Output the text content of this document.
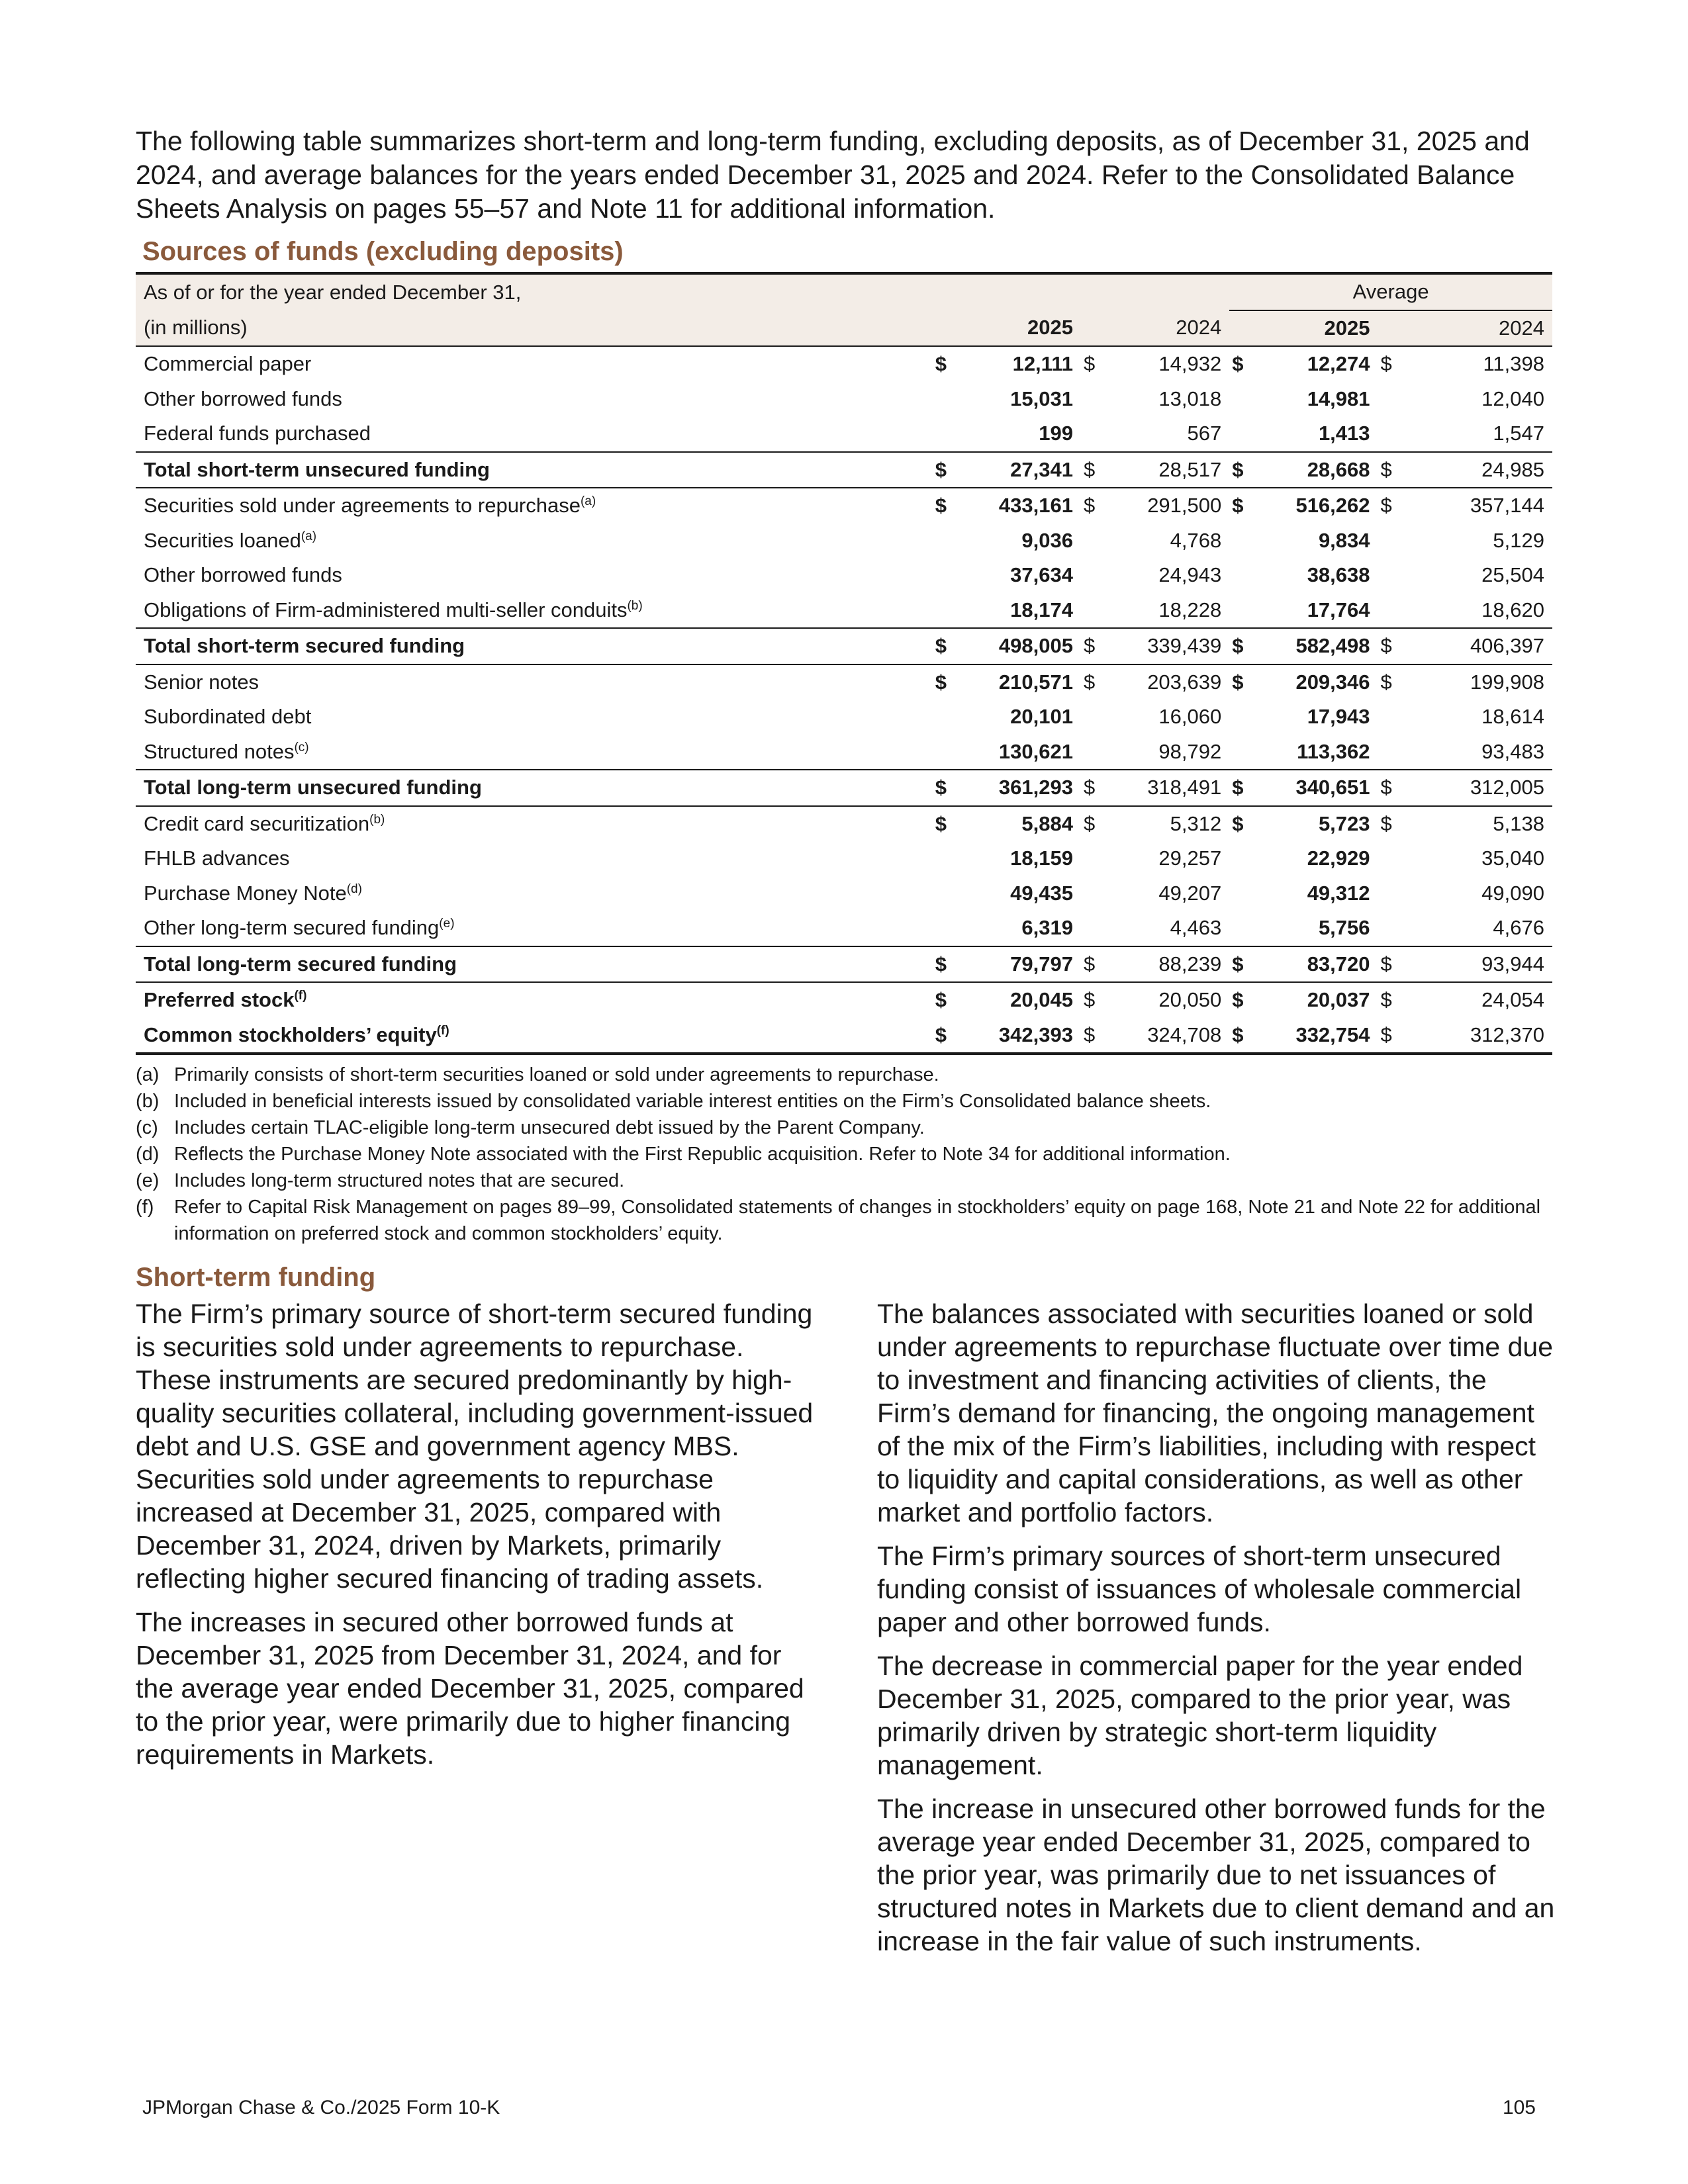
The following table summarizes short-term and long-term funding, excluding deposits, as of December 31, 2025 and 2024, and average balances for the years ended December 31, 2025 and 2024. Refer to the Consolidated Balance Sheets Analysis on pages 55–57 and Note 11 for additional information.
Sources of funds (excluding deposits)
As of or for the year ended December 31,					Average			
(in millions)		2025		2024		2025		2024
Commercial paper	$	12,111	$	14,932	$	12,274	$	11,398
Other borrowed funds		15,031		13,018		14,981		12,040
Federal funds purchased		199		567		1,413		1,547
Total short-term unsecured funding	$	27,341	$	28,517	$	28,668	$	24,985
Securities sold under agreements to repurchase$^{(a)}$	$	433,161	$	291,500	$	516,262	$	357,144
Securities loaned$^{(a)}$		9,036		4,768		9,834		5,129
Other borrowed funds		37,634		24,943		38,638		25,504
Obligations of Firm-administered multi-seller conduits$^{(b)}$		18,174		18,228		17,764		18,620
Total short-term secured funding	$	498,005	$	339,439	$	582,498	$	406,397
Senior notes	$	210,571	$	203,639	$	209,346	$	199,908
Subordinated debt		20,101		16,060		17,943		18,614
Structured notes$^{(c)}$		130,621		98,792		113,362		93,483
Total long-term unsecured funding	$	361,293	$	318,491	$	340,651	$	312,005
Credit card securitization$^{(b)}$	$	5,884	$	5,312	$	5,723	$	5,138
FHLB advances		18,159		29,257		22,929		35,040
Purchase Money Note$^{(d)}$		49,435		49,207		49,312		49,090
Other long-term secured funding$^{(e)}$		6,319		4,463		5,756		4,676
Total long-term secured funding	$	79,797	$	88,239	$	83,720	$	93,944
Preferred stock$^{(f)}$	$	20,045	$	20,050	$	20,037	$	24,054
Common stockholders’ equity$^{(f)}$	$	342,393	$	324,708	$	332,754	$	312,370
(a) Primarily consists of short-term securities loaned or sold under agreements to repurchase.
(b) Included in beneficial interests issued by consolidated variable interest entities on the Firm’s Consolidated balance sheets.
(c) Includes certain TLAC-eligible long-term unsecured debt issued by the Parent Company.
(d) Reflects the Purchase Money Note associated with the First Republic acquisition. Refer to Note 34 for additional information.
(e) Includes long-term structured notes that are secured.
(f)	Refer to Capital Risk Management on pages 89–99, Consolidated statements of changes in stockholders’ equity on page 168, Note 21 and Note 22 for additional information on preferred stock and common stockholders’ equity.
Short-term funding

The Firm’s primary source of short-term secured funding is securities sold under agreements to repurchase. These instruments are secured predominantly by high-quality securities collateral, including government-issued debt and U.S. GSE and government agency MBS. Securities sold under agreements to repurchase increased at December 31, 2025, compared with December 31, 2024, driven by Markets, primarily reflecting higher secured financing of trading assets.

The increases in secured other borrowed funds at December 31, 2025 from December 31, 2024, and for the average year ended December 31, 2025, compared to the prior year, were primarily due to higher financing requirements in Markets.

The balances associated with securities loaned or sold under agreements to repurchase fluctuate over time due to investment and financing activities of clients, the Firm’s demand for financing, the ongoing management of the mix of the Firm’s liabilities, including with respect to liquidity and capital considerations, as well as other market and portfolio factors.

The Firm’s primary sources of short-term unsecured funding consist of issuances of wholesale commercial paper and other borrowed funds.

The decrease in commercial paper for the year ended December 31, 2025, compared to the prior year, was primarily driven by strategic short-term liquidity management.

The increase in unsecured other borrowed funds for the average year ended December 31, 2025, compared to the prior year, was primarily due to net issuances of structured notes in Markets due to client demand and an increase in the fair value of such instruments.

JPMorgan Chase & Co./2025 Form 10-K	105
